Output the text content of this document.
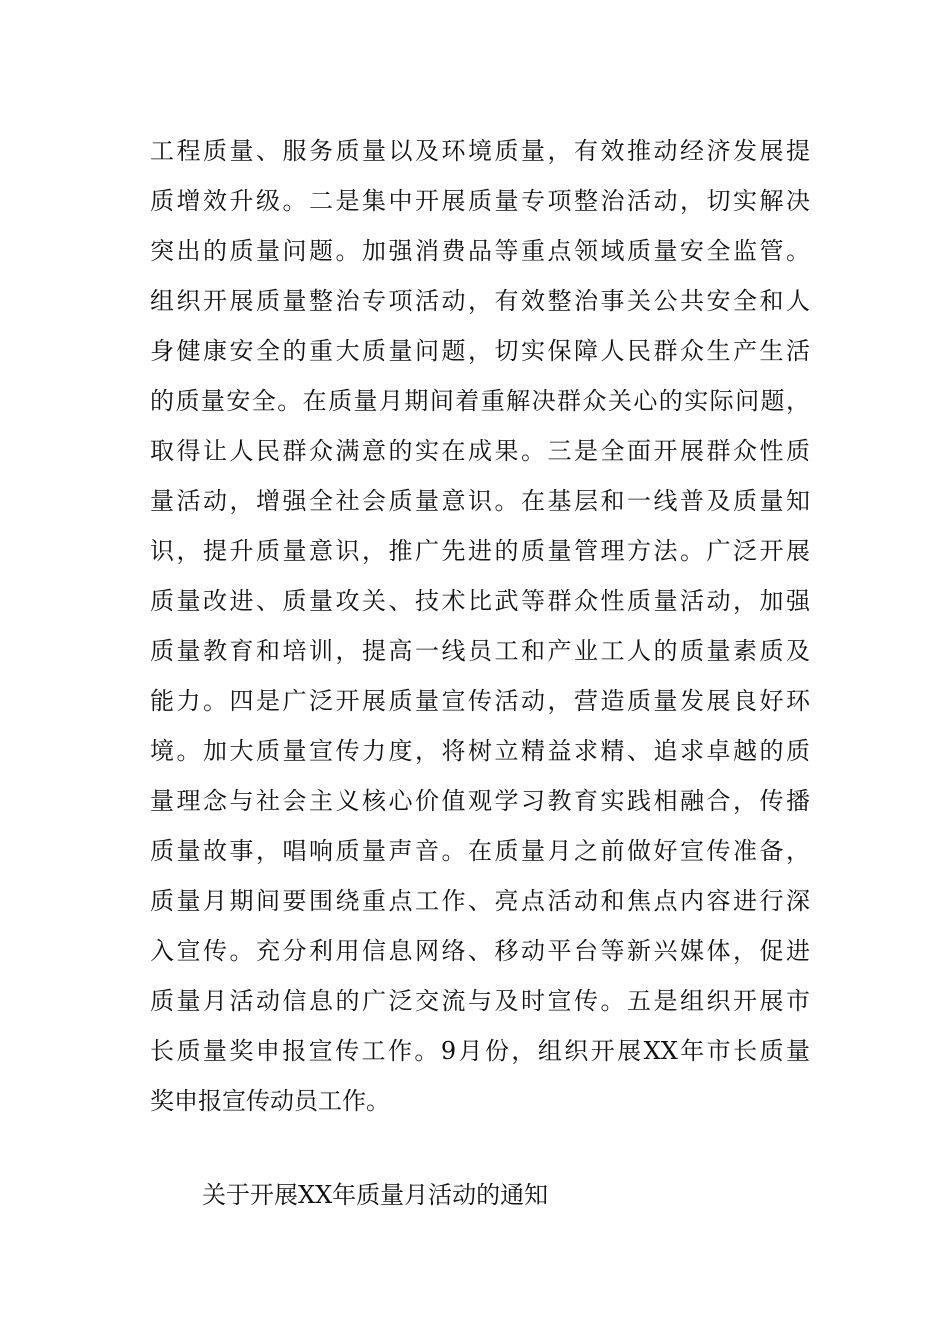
工程质量、服务质量以及环境质量，有效推动经济发展提
质增效升级。二是集中开展质量专项整治活动，切实解决
突出的质量问题。加强消费品等重点领域质量安全监管。
组织开展质量整治专项活动，有效整治事关公共安全和人
身健康安全的重大质量问题，切实保障人民群众生产生活
的质量安全。在质量月期间着重解决群众关心的实际问题，
取得让人民群众满意的实在成果。三是全面开展群众性质
量活动，增强全社会质量意识。在基层和一线普及质量知
识，提升质量意识，推广先进的质量管理方法。广泛开展
质量改进、质量攻关、技术比武等群众性质量活动，加强
质量教育和培训，提高一线员工和产业工人的质量素质及
能力。四是广泛开展质量宣传活动，营造质量发展良好环
境。加大质量宣传力度，将树立精益求精、追求卓越的质
量理念与社会主义核心价值观学习教育实践相融合，传播
质量故事，唱响质量声音。在质量月之前做好宣传准备，
质量月期间要围绕重点工作、亮点活动和焦点内容进行深
入宣传。充分利用信息网络、移动平台等新兴媒体，促进
质量月活动信息的广泛交流与及时宣传。五是组织开展市
长质量奖申报宣传工作。9月份，组织开展XX年市长质量
奖申报宣传动员工作。
关于开展XX年质量月活动的通知
